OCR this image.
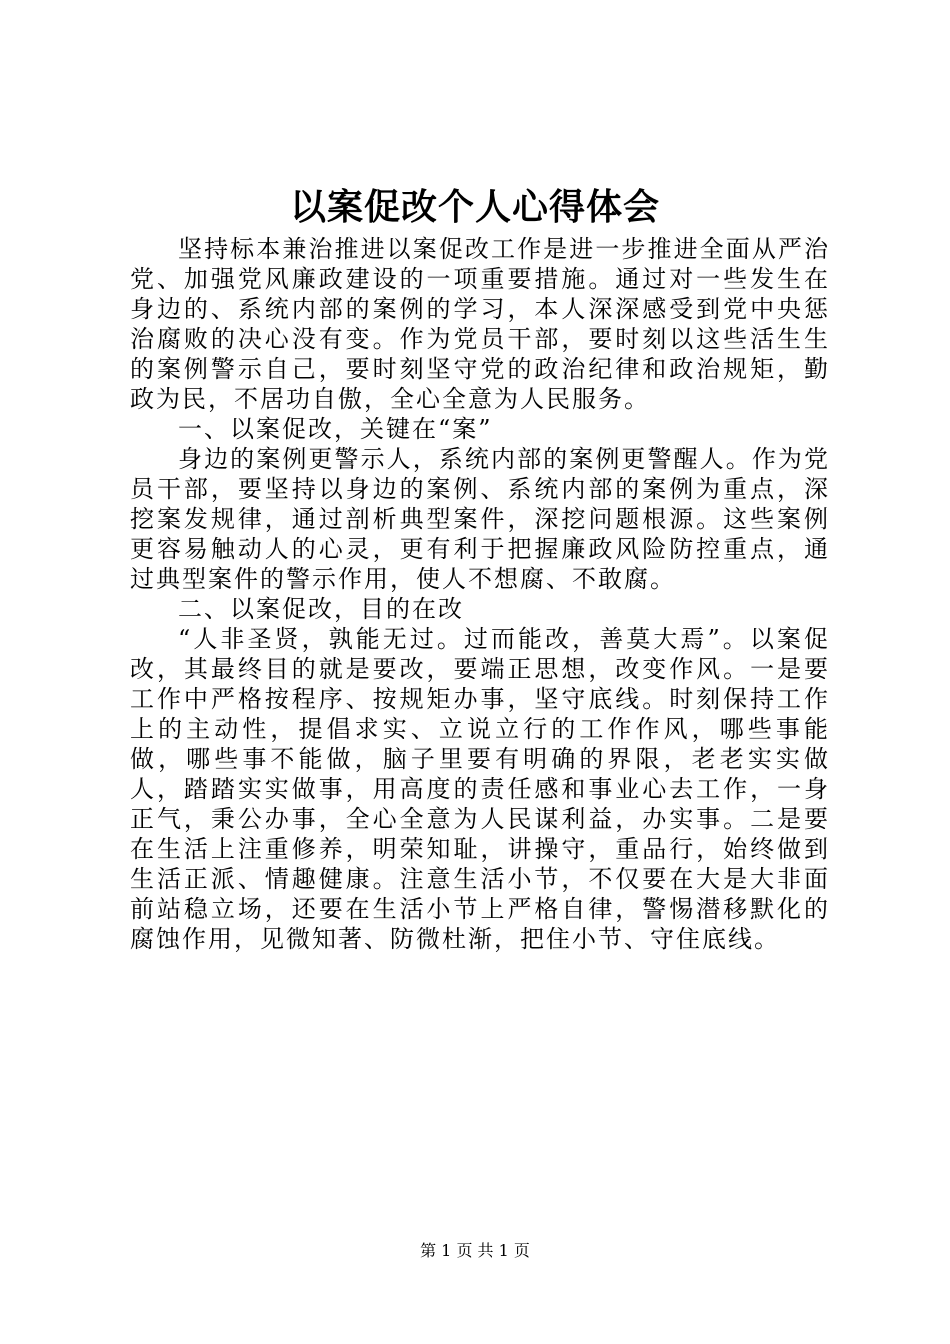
以案促改个人心得体会

坚持标本兼治推进以案促改工作是进一步推进全面从严治党、加强党风廉政建设的一项重要措施。通过对一些发生在身边的、系统内部的案例的学习，本人深深感受到党中央惩治腐败的决心没有变。作为党员干部，要时刻以这些活生生的案例警示自己，要时刻坚守党的政治纪律和政治规矩，勤政为民，不居功自傲，全心全意为人民服务。

一、以案促改，关键在“案”

身边的案例更警示人，系统内部的案例更警醒人。作为党员干部，要坚持以身边的案例、系统内部的案例为重点，深挖案发规律，通过剖析典型案件，深挖问题根源。这些案例更容易触动人的心灵，更有利于把握廉政风险防控重点，通过典型案件的警示作用，使人不想腐、不敢腐。

二、以案促改，目的在改

“人非圣贤，孰能无过。过而能改，善莫大焉”。以案促改，其最终目的就是要改，要端正思想，改变作风。一是要工作中严格按程序、按规矩办事，坚守底线。时刻保持工作上的主动性，提倡求实、立说立行的工作作风，哪些事能做，哪些事不能做，脑子里要有明确的界限，老老实实做人，踏踏实实做事，用高度的责任感和事业心去工作，一身正气，秉公办事，全心全意为人民谋利益，办实事。二是要在生活上注重修养，明荣知耻，讲操守，重品行，始终做到生活正派、情趣健康。注意生活小节，不仅要在大是大非面前站稳立场，还要在生活小节上严格自律，警惕潜移默化的腐蚀作用，见微知著、防微杜渐，把住小节、守住底线。

第 1 页 共 1 页
